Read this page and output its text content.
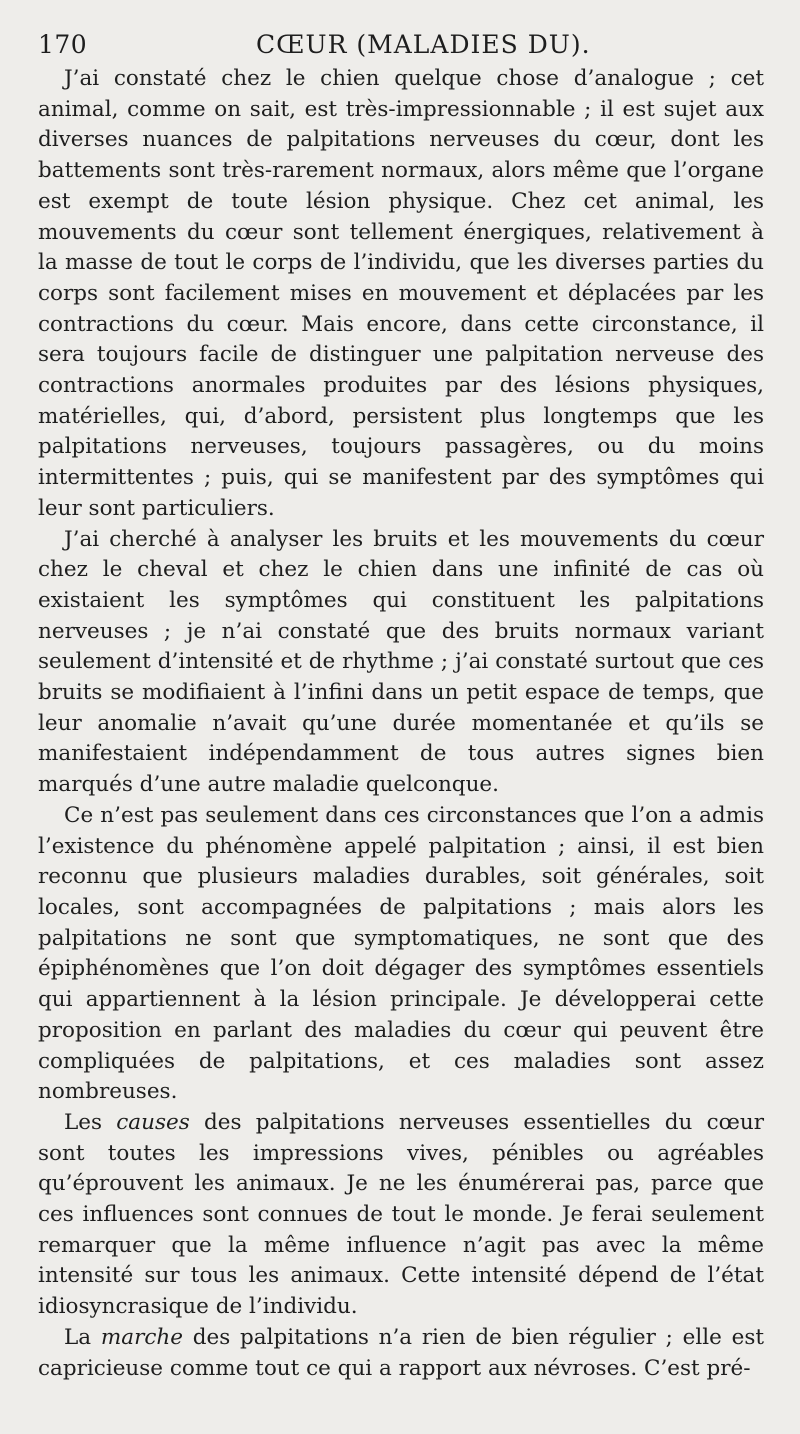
170	CŒUR (MALADIES DU).

J’ai constaté chez le chien quelque chose d’analogue ; cet animal, comme on sait, est très-impressionnable ; il est sujet aux diverses nuances de palpitations nerveuses du cœur, dont les battements sont très-rarement normaux, alors même que l’organe est exempt de toute lésion physique. Chez cet animal, les mouvements du cœur sont tellement énergiques, relativement à la masse de tout le corps de l’individu, que les diverses parties du corps sont facilement mises en mouvement et déplacées par les contractions du cœur. Mais encore, dans cette circonstance, il sera toujours facile de distinguer une palpitation nerveuse des contractions anormales produites par des lésions physiques, matérielles, qui, d’abord, persistent plus longtemps que les palpitations nerveuses, toujours passagères, ou du moins intermittentes ; puis, qui se manifestent par des symptômes qui leur sont particuliers.

J’ai cherché à analyser les bruits et les mouvements du cœur chez le cheval et chez le chien dans une infinité de cas où existaient les symptômes qui constituent les palpitations nerveuses ; je n’ai constaté que des bruits normaux variant seulement d’intensité et de rhythme ; j’ai constaté surtout que ces bruits se modifiaient à l’infini dans un petit espace de temps, que leur anomalie n’avait qu’une durée momentanée et qu’ils se manifestaient indépendamment de tous autres signes bien marqués d’une autre maladie quelconque.

Ce n’est pas seulement dans ces circonstances que l’on a admis l’existence du phénomène appelé palpitation ; ainsi, il est bien reconnu que plusieurs maladies durables, soit générales, soit locales, sont accompagnées de palpitations ; mais alors les palpitations ne sont que symptomatiques, ne sont que des épiphénomènes que l’on doit dégager des symptômes essentiels qui appartiennent à la lésion principale. Je développerai cette proposition en parlant des maladies du cœur qui peuvent être compliquées de palpitations, et ces maladies sont assez nombreuses.

Les causes des palpitations nerveuses essentielles du cœur sont toutes les impressions vives, pénibles ou agréables qu’éprouvent les animaux. Je ne les énumérerai pas, parce que ces influences sont connues de tout le monde. Je ferai seulement remarquer que la même influence n’agit pas avec la même intensité sur tous les animaux. Cette intensité dépend de l’état idiosyncrasique de l’individu.

La marche des palpitations n’a rien de bien régulier ; elle est capricieuse comme tout ce qui a rapport aux névroses. C’est pré-
